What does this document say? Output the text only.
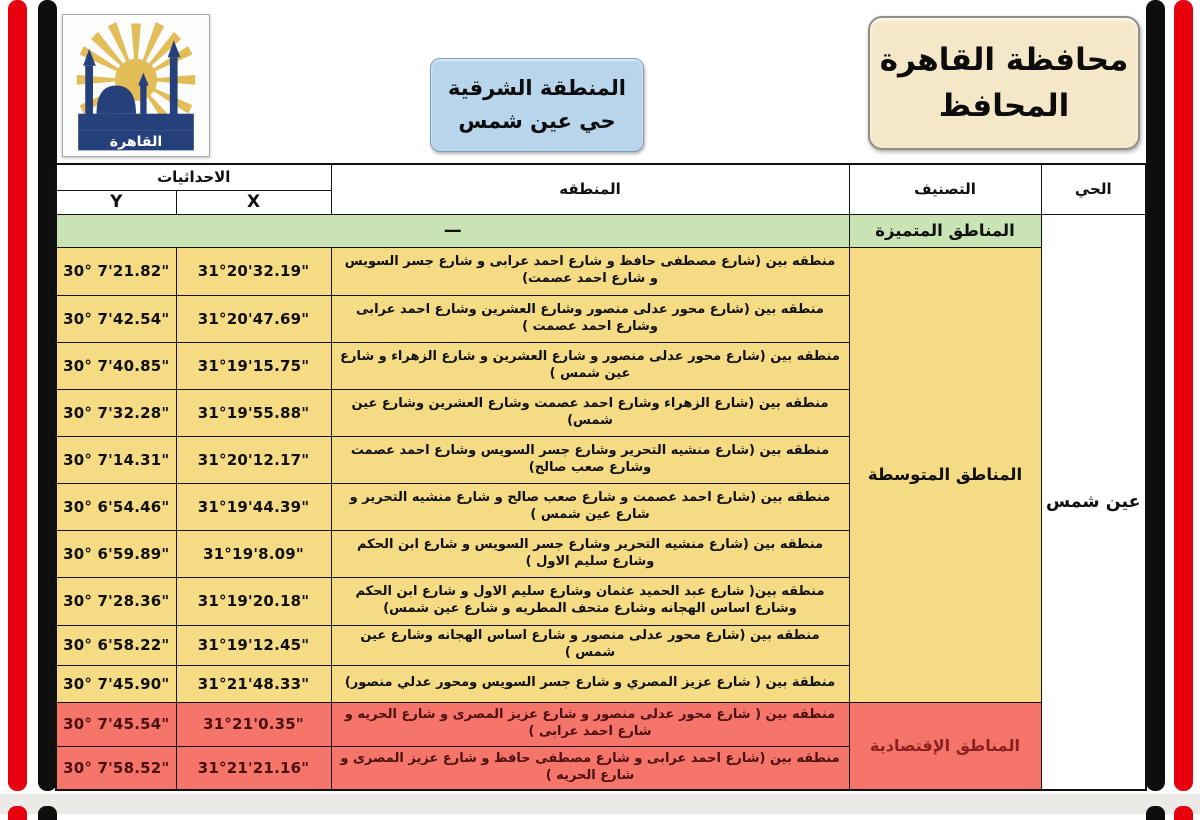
القاهرة
المنطقة الشرقية
حي عين شمس
محافظة القاهرة
المحافظ
الحي	التصنيف	المنطقه	الاحداثيات	
			X	Y
عين شمس	المناطق المتميزة	—		
	المناطق المتوسطة	منطقه بين (شارع مصطفى حافظ و شارع احمد عرابى و شارع جسر السويس و شارع احمد عصمت)	31°20'32.19"	30° 7'21.82"
		منطقه بين (شارع محور عدلى منصور وشارع العشرين وشارع احمد عرابى وشارع احمد عصمت )	31°20'47.69"	30° 7'42.54"
		منطقه بين (شارع محور عدلى منصور و شارع العشرين و شارع الزهراء و شارع عين شمس )	31°19'15.75"	30° 7'40.85"
		منطقه بين (شارع الزهراء وشارع احمد عصمت وشارع العشرين وشارع عين شمس)	31°19'55.88"	30° 7'32.28"
		منطقه بين (شارع منشيه التحرير وشارع جسر السويس وشارع احمد عصمت وشارع صعب صالح)	31°20'12.17"	30° 7'14.31"
		منطقه بين (شارع احمد عصمت و شارع صعب صالح و شارع منشيه التحرير و شارع عين شمس )	31°19'44.39"	30° 6'54.46"
		منطقه بين (شارع منشيه التحرير وشارع جسر السويس و شارع ابن الحكم وشارع سليم الاول )	31°19'8.09"	30° 6'59.89"
		منطقه بين( شارع عبد الحميد عثمان وشارع سليم الاول و شارع ابن الحكم وشارع اساس الهجانه وشارع متحف المطريه و شارع عين شمس)	31°19'20.18"	30° 7'28.36"
		منطقه بين (شارع محور عدلى منصور و شارع اساس الهجانه وشارع عين شمس )	31°19'12.45"	30° 6'58.22"
		منطقة بين ( شارع عزيز المصري و شارع جسر السويس ومحور عدلي منصور)	31°21'48.33"	30° 7'45.90"
	المناطق الإقتصادية	منطقه بين ( شارع محور عدلى منصور و شارع عزيز المصرى و شارع الحريه و شارع احمد عرابى )	31°21'0.35"	30° 7'45.54"
		منطقه بين (شارع احمد عرابى و شارع مصطفى حافظ و شارع عزيز المصرى و شارع الحريه )	31°21'21.16"	30° 7'58.52"
